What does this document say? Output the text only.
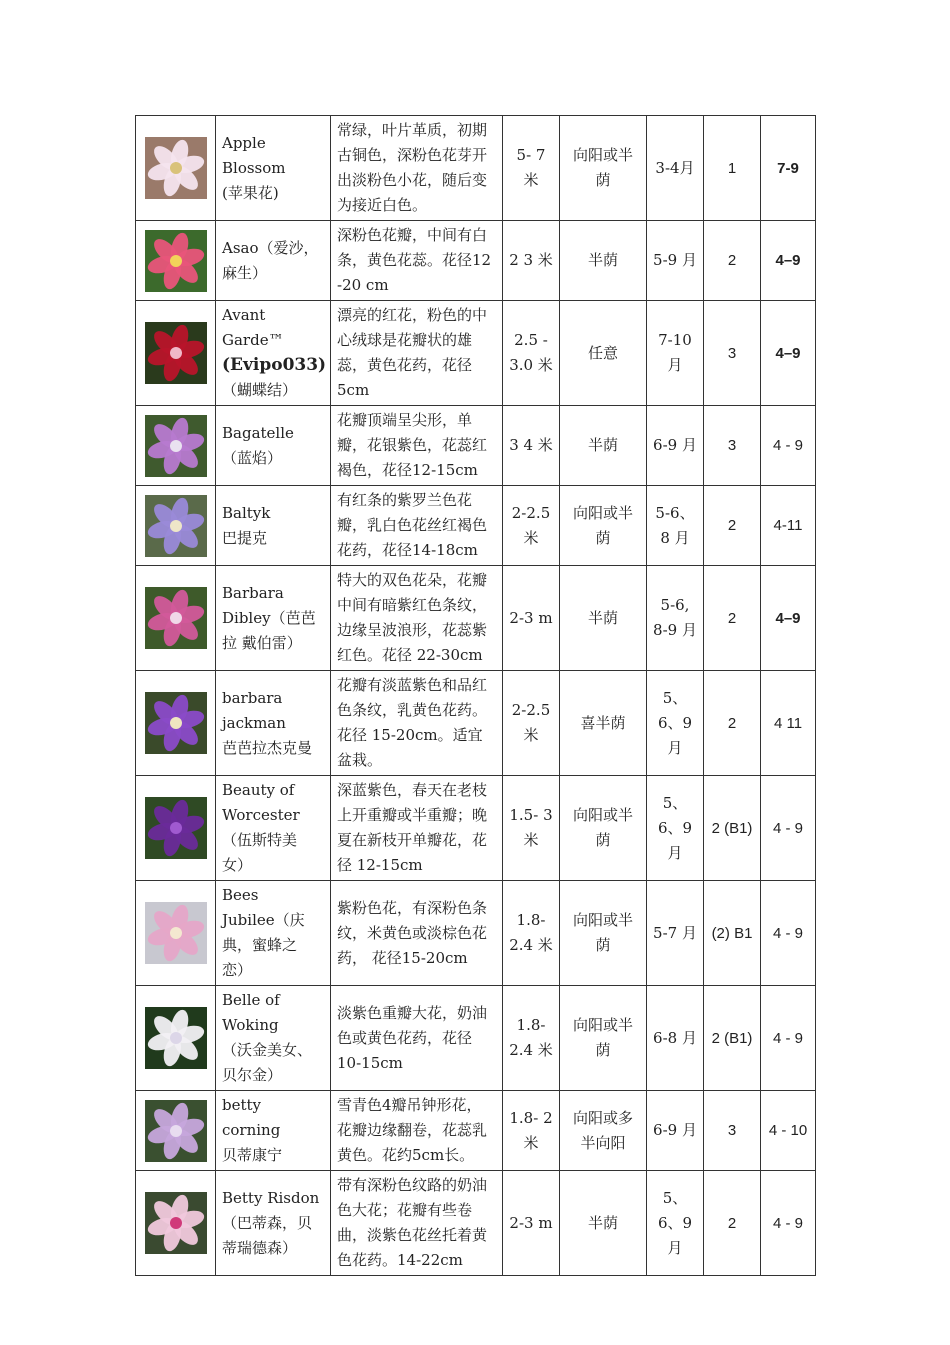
Apple Blossom
(苹果花)	常绿，叶片革质，初期古铜色，深粉色花芽开出淡粉色小花，随后变为接近白色。	5- 7 米	向阳或半荫	3-4月	1	7-9

Asao（爱沙，
麻生）	深粉色花瓣，中间有白条，黄色花蕊。花径12 -20 cm	2 3 米	半荫	5-9 月	2	4–9

Avant Garde™
(Evipo033)
（蝴蝶结）	漂亮的红花，粉色的中心绒球是花瓣状的雄蕊，黄色花药，花径 5cm	2.5 - 3.0 米	任意	7-10 月	3	4–9

Bagatelle
（蓝焰）	花瓣顶端呈尖形，单瓣，花银紫色，花蕊红褐色，花径12-15cm	3 4 米	半荫	6-9 月	3	4 - 9

Baltyk
巴提克	有红条的紫罗兰色花瓣，乳白色花丝红褐色花药，花径14-18cm	2-2.5 米	向阳或半荫	5-6、8 月	2	4-11

Barbara
Dibley（芭芭
拉 戴伯雷）	特大的双色花朵，花瓣中间有暗紫红色条纹，边缘呈波浪形，花蕊紫红色。花径 22-30cm	2-3 m	半荫	5-6, 8-9 月	2	4–9

barbara jackman
芭芭拉杰克曼	花瓣有淡蓝紫色和品红色条纹，乳黄色花药。花径 15-20cm。适宜盆栽。	2-2.5 米	喜半荫	5、6、9 月	2	4 11

Beauty of
Worcester
（伍斯特美
女）	深蓝紫色，春天在老枝上开重瓣或半重瓣；晚夏在新枝开单瓣花，花径 12-15cm	1.5- 3米	向阳或半荫	5、6、9月	2 (B1)	4 - 9

Bees
Jubilee（庆
典，蜜蜂之
恋）	紫粉色花，有深粉色条纹，米黄色或淡棕色花药， 花径15-20cm	1.8- 2.4 米	向阳或半荫	5-7 月	(2) B1	4 - 9

Belle of Woking
（沃金美女、
贝尔金）	淡紫色重瓣大花，奶油色或黄色花药，花径 10-15cm	1.8- 2.4 米	向阳或半荫	6-8 月	2 (B1)	4 - 9

betty corning
贝蒂康宁	雪青色4瓣吊钟形花，花瓣边缘翻卷，花蕊乳黄色。花约5cm长。	1.8- 2米	向阳或多半向阳	6-9 月	3	4 - 10

Betty Risdon
（巴蒂森，贝
蒂瑞德森）	带有深粉色纹路的奶油色大花；花瓣有些卷曲，淡紫色花丝托着黄色花药。14-22cm	2-3 m	半荫	5、6、9月	2	4 - 9
